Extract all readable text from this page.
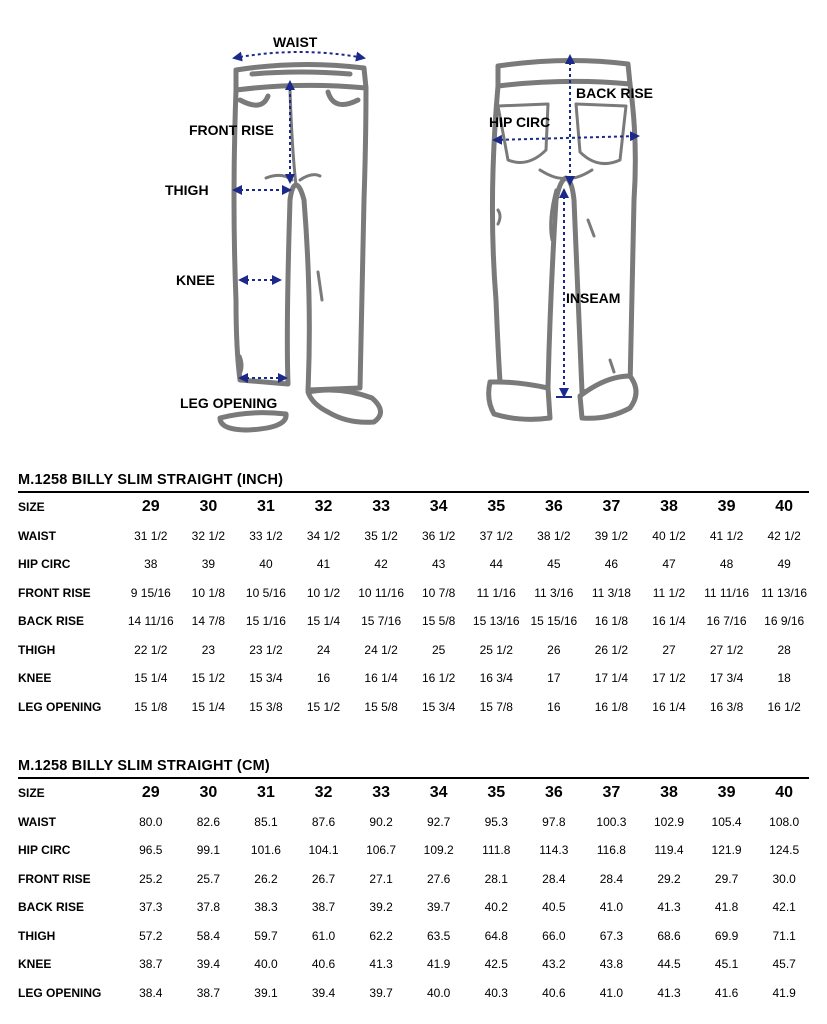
WAIST
FRONT RISE
THIGH
KNEE
LEG OPENING
BACK RISE
HIP CIRC
INSEAM
M.1258 BILLY SLIM STRAIGHT (INCH)
SIZE	29	30	31	32	33	34	35	36	37	38	39	40
WAIST	31 1/2	32 1/2	33 1/2	34 1/2	35 1/2	36 1/2	37 1/2	38 1/2	39 1/2	40 1/2	41 1/2	42 1/2
HIP CIRC	38	39	40	41	42	43	44	45	46	47	48	49
FRONT RISE	9 15/16	10 1/8	10 5/16	10 1/2	10 11/16	10 7/8	11 1/16	11 3/16	11 3/18	11 1/2	11 11/16	11 13/16
BACK RISE	14 11/16	14 7/8	15 1/16	15 1/4	15 7/16	15 5/8	15 13/16	15 15/16	16 1/8	16 1/4	16 7/16	16 9/16
THIGH	22 1/2	23	23 1/2	24	24 1/2	25	25 1/2	26	26 1/2	27	27 1/2	28
KNEE	15 1/4	15 1/2	15 3/4	16	16 1/4	16 1/2	16 3/4	17	17 1/4	17 1/2	17 3/4	18
LEG OPENING	15 1/8	15 1/4	15 3/8	15 1/2	15 5/8	15 3/4	15 7/8	16	16 1/8	16 1/4	16 3/8	16 1/2
M.1258 BILLY SLIM STRAIGHT (CM)
SIZE	29	30	31	32	33	34	35	36	37	38	39	40
WAIST	80.0	82.6	85.1	87.6	90.2	92.7	95.3	97.8	100.3	102.9	105.4	108.0
HIP CIRC	96.5	99.1	101.6	104.1	106.7	109.2	111.8	114.3	116.8	119.4	121.9	124.5
FRONT RISE	25.2	25.7	26.2	26.7	27.1	27.6	28.1	28.4	28.4	29.2	29.7	30.0
BACK RISE	37.3	37.8	38.3	38.7	39.2	39.7	40.2	40.5	41.0	41.3	41.8	42.1
THIGH	57.2	58.4	59.7	61.0	62.2	63.5	64.8	66.0	67.3	68.6	69.9	71.1
KNEE	38.7	39.4	40.0	40.6	41.3	41.9	42.5	43.2	43.8	44.5	45.1	45.7
LEG OPENING	38.4	38.7	39.1	39.4	39.7	40.0	40.3	40.6	41.0	41.3	41.6	41.9
